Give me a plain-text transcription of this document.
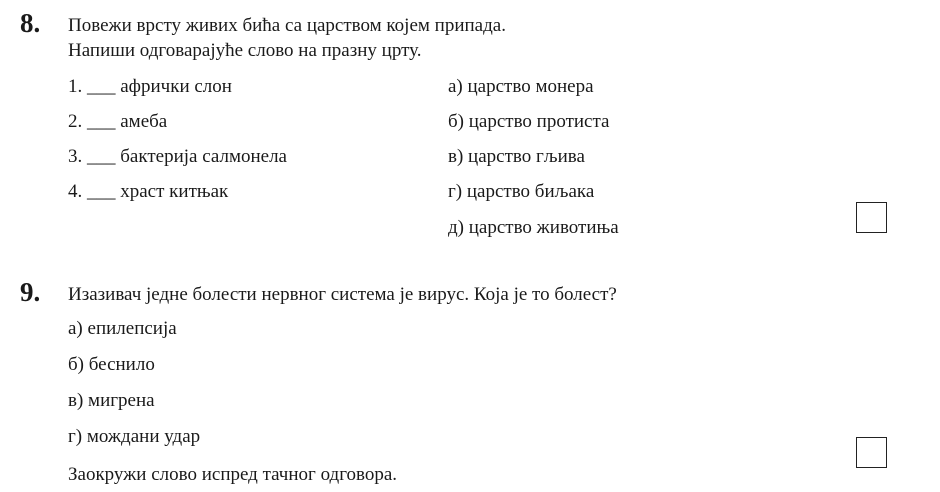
8. Повежи врсту живих бића са царством којем припада.
Напиши одговарајуће слово на празну црту.
1. ___ афрички слон
2. ___ амеба
3. ___ бактерија салмонела
4. ___ храст китњак
а) царство монера
б) царство протиста
в) царство гљива
г) царство биљака
д) царство животиња
9. Изазивач једне болести нервног система је вирус. Која је то болест?
а) епилепсија
б) беснило
в) мигрена
г) мождани удар
Заокружи слово испред тачног одговора.
